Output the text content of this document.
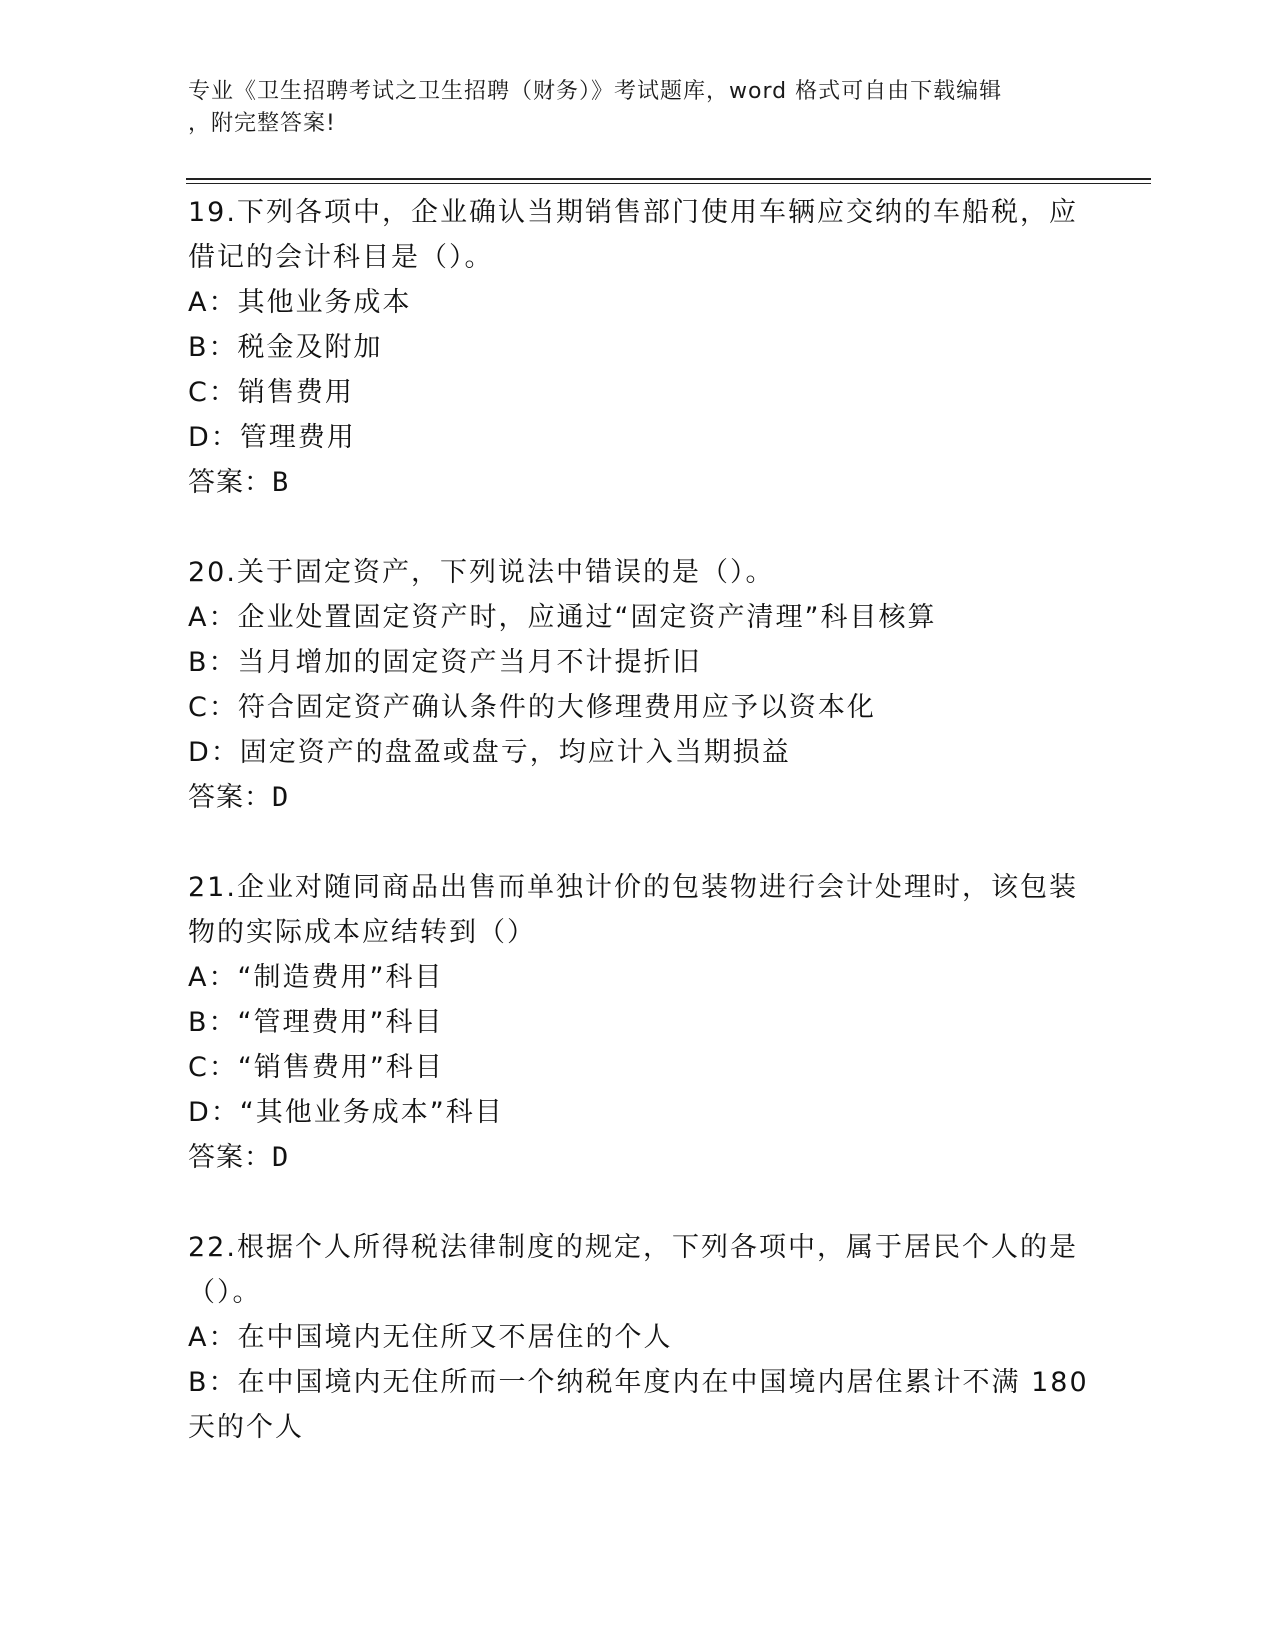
专业《卫生招聘考试之卫生招聘（财务）》考试题库，word 格式可自由下载编辑
，附完整答案!
19.下列各项中，企业确认当期销售部门使用车辆应交纳的车船税，应
借记的会计科目是（）。
A：其他业务成本
B：税金及附加
C：销售费用
D：管理费用
答案：B
20.关于固定资产，下列说法中错误的是（）。
A：企业处置固定资产时，应通过“固定资产清理”科目核算
B：当月增加的固定资产当月不计提折旧
C：符合固定资产确认条件的大修理费用应予以资本化
D：固定资产的盘盈或盘亏，均应计入当期损益
答案：D
21.企业对随同商品出售而单独计价的包装物进行会计处理时，该包装
物的实际成本应结转到（）
A：“制造费用”科目
B：“管理费用”科目
C：“销售费用”科目
D：“其他业务成本”科目
答案：D
22.根据个人所得税法律制度的规定，下列各项中，属于居民个人的是
（）。
A：在中国境内无住所又不居住的个人
B：在中国境内无住所而一个纳税年度内在中国境内居住累计不满 180
天的个人
